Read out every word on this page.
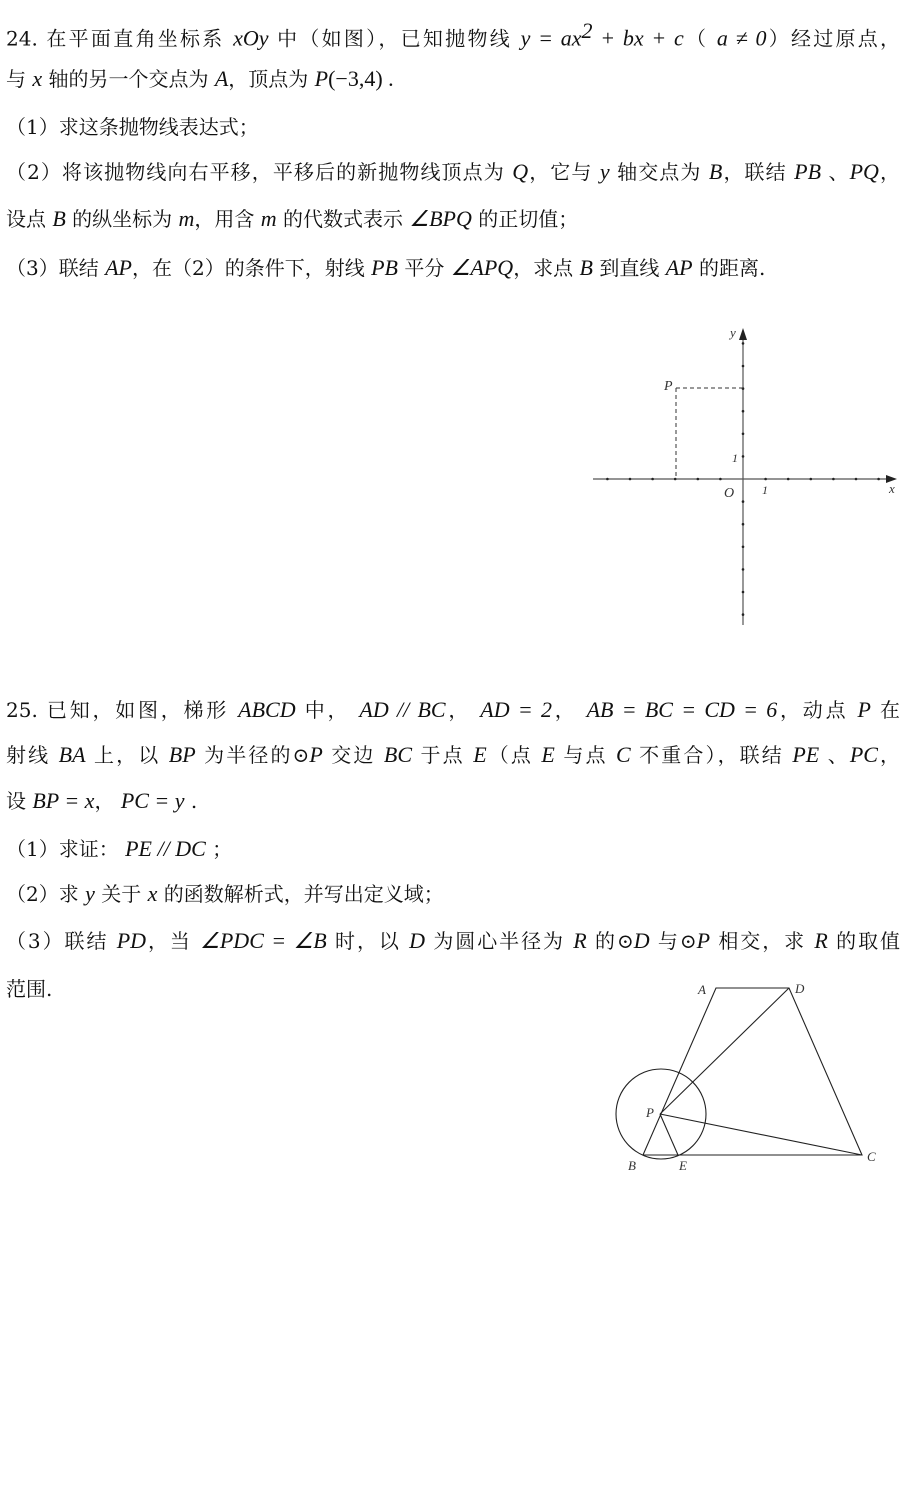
24. 在平面直角坐标系 xOy 中（如图），已知抛物线 $y = ax^2$ + bx + c（ a ≠ 0）经过原点，
与 x 轴的另一个交点为 A，顶点为 P(−3,4) .
（1）求这条抛物线表达式；
（2）将该抛物线向右平移，平移后的新抛物线顶点为 Q，它与 y 轴交点为 B，联结 PB 、PQ，
设点 B 的纵坐标为 m，用含 m 的代数式表示 ∠BPQ 的正切值；
（3）联结 AP，在（2）的条件下，射线 PB 平分 ∠APQ，求点 B 到直线 AP 的距离.
25. 已知，如图，梯形 ABCD 中， AD // BC， AD = 2， AB = BC = CD = 6，动点 P 在
射线 BA 上，以 BP 为半径的⊙P 交边 BC 于点 E（点 E 与点 C 不重合），联结 PE 、PC，
设 BP = x， PC = y .
（1）求证： PE // DC ；
（2）求 y 关于 x 的函数解析式，并写出定义域；
（3）联结 PD，当 ∠PDC = ∠B 时，以 D 为圆心半径为 R 的⊙D 与⊙P 相交，求 R 的取值
范围.
y
x
O 1
1
P
A	D
B	E
C
P
